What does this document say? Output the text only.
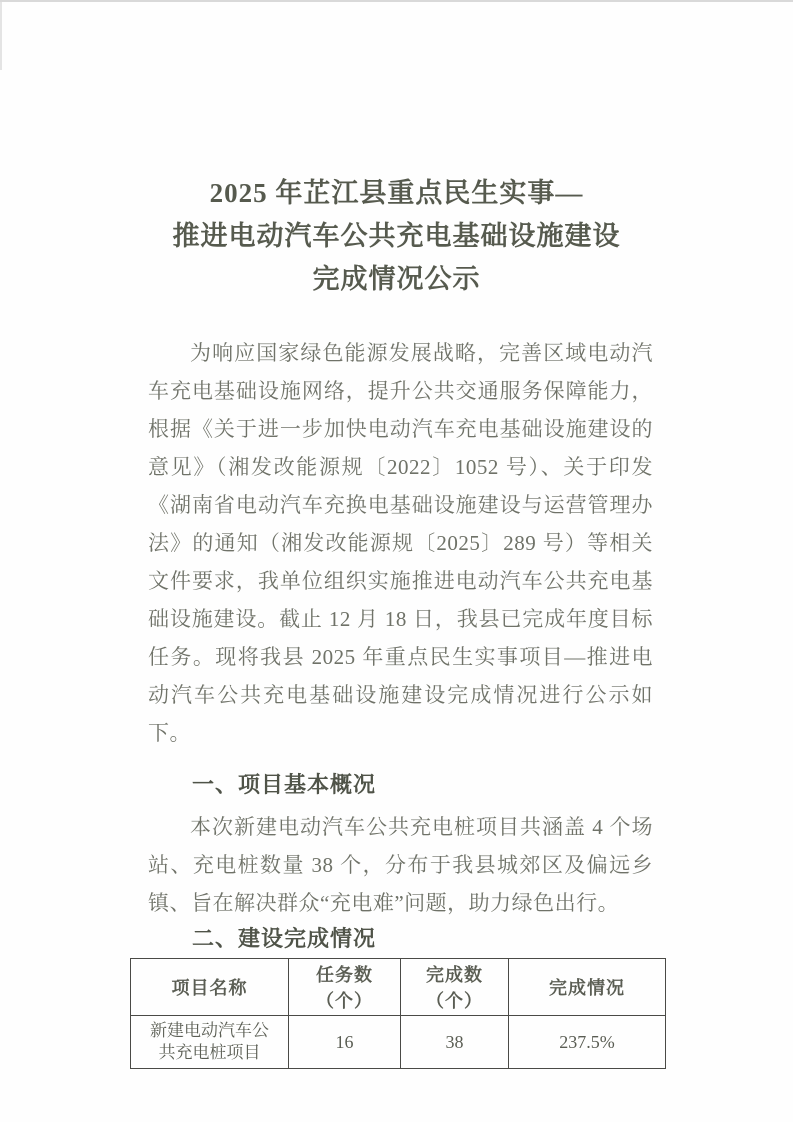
2025 年芷江县重点民生实事—
推进电动汽车公共充电基础设施建设
完成情况公示

为响应国家绿色能源发展战略，完善区域电动汽车充电基础设施网络，提升公共交通服务保障能力，根据《关于进一步加快电动汽车充电基础设施建设的意见》（湘发改能源规〔2022〕1052 号）、关于印发《湖南省电动汽车充换电基础设施建设与运营管理办法》的通知（湘发改能源规〔2025〕289 号）等相关文件要求，我单位组织实施推进电动汽车公共充电基础设施建设。截止 12 月 18 日，我县已完成年度目标任务。现将我县 2025 年重点民生实事项目—推进电动汽车公共充电基础设施建设完成情况进行公示如下。

一、项目基本概况

本次新建电动汽车公共充电桩项目共涵盖 4 个场站、充电桩数量 38 个，分布于我县城郊区及偏远乡镇、旨在解决群众“充电难”问题，助力绿色出行。

二、建设完成情况
项目名称	任务数（个）	完成数（个）	完成情况
新建电动汽车公共充电桩项目	16	38	237.5%
